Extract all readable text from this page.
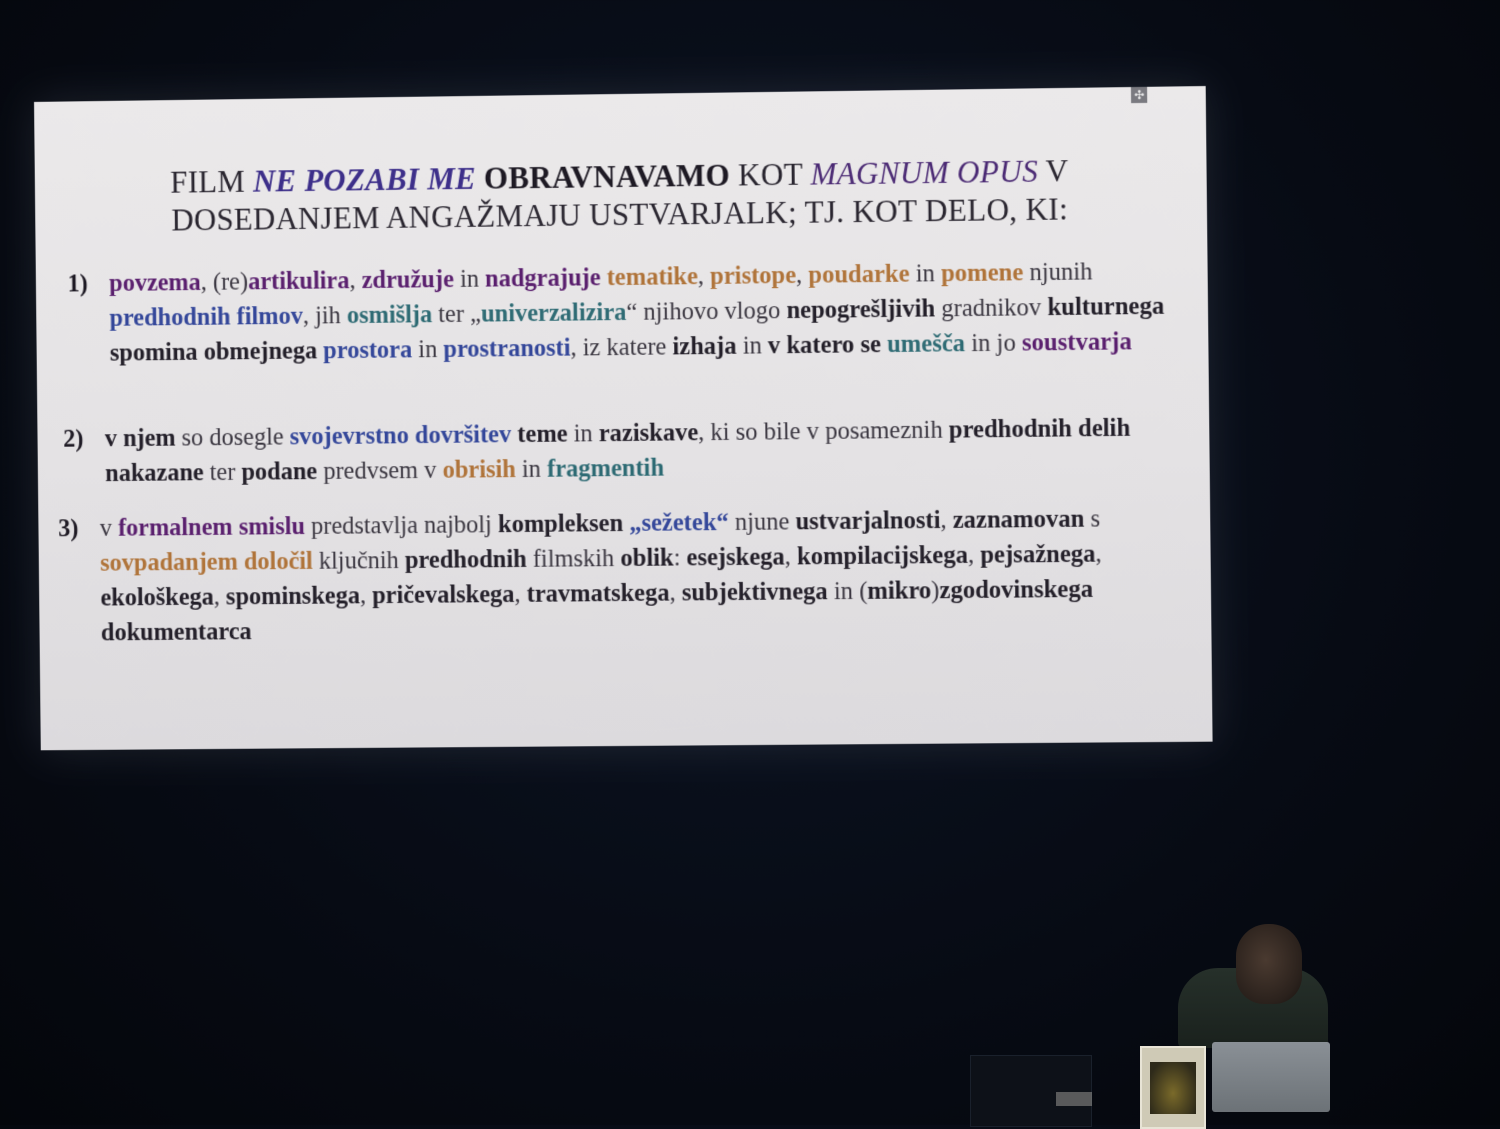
✣
FILM NE POZABI ME OBRAVNAVAMO KOT MAGNUM OPUS V DOSEDANJEM ANGAŽMAJU USTVARJALK; TJ. KOT DELO, KI:
1) povzema, (re)artikulira, združuje in nadgrajuje tematike, pristope, poudarke in pomene njunih predhodnih filmov, jih osmišlja ter „univerzalizira“ njihovo vlogo nepogrešljivih gradnikov kulturnega spomina obmejnega prostora in prostranosti, iz katere izhaja in v katero se umešča in jo soustvarja
2) v njem so dosegle svojevrstno dovršitev teme in raziskave, ki so bile v posameznih predhodnih delih nakazane ter podane predvsem v obrisih in fragmentih
3) v formalnem smislu predstavlja najbolj kompleksen „sežetek“ njune ustvarjalnosti, zaznamovan s sovpadanjem določil ključnih predhodnih filmskih oblik: esejskega, kompilacijskega, pejsažnega, ekološkega, spominskega, pričevalskega, travmatskega, subjektivnega in (mikro)zgodovinskega dokumentarca
